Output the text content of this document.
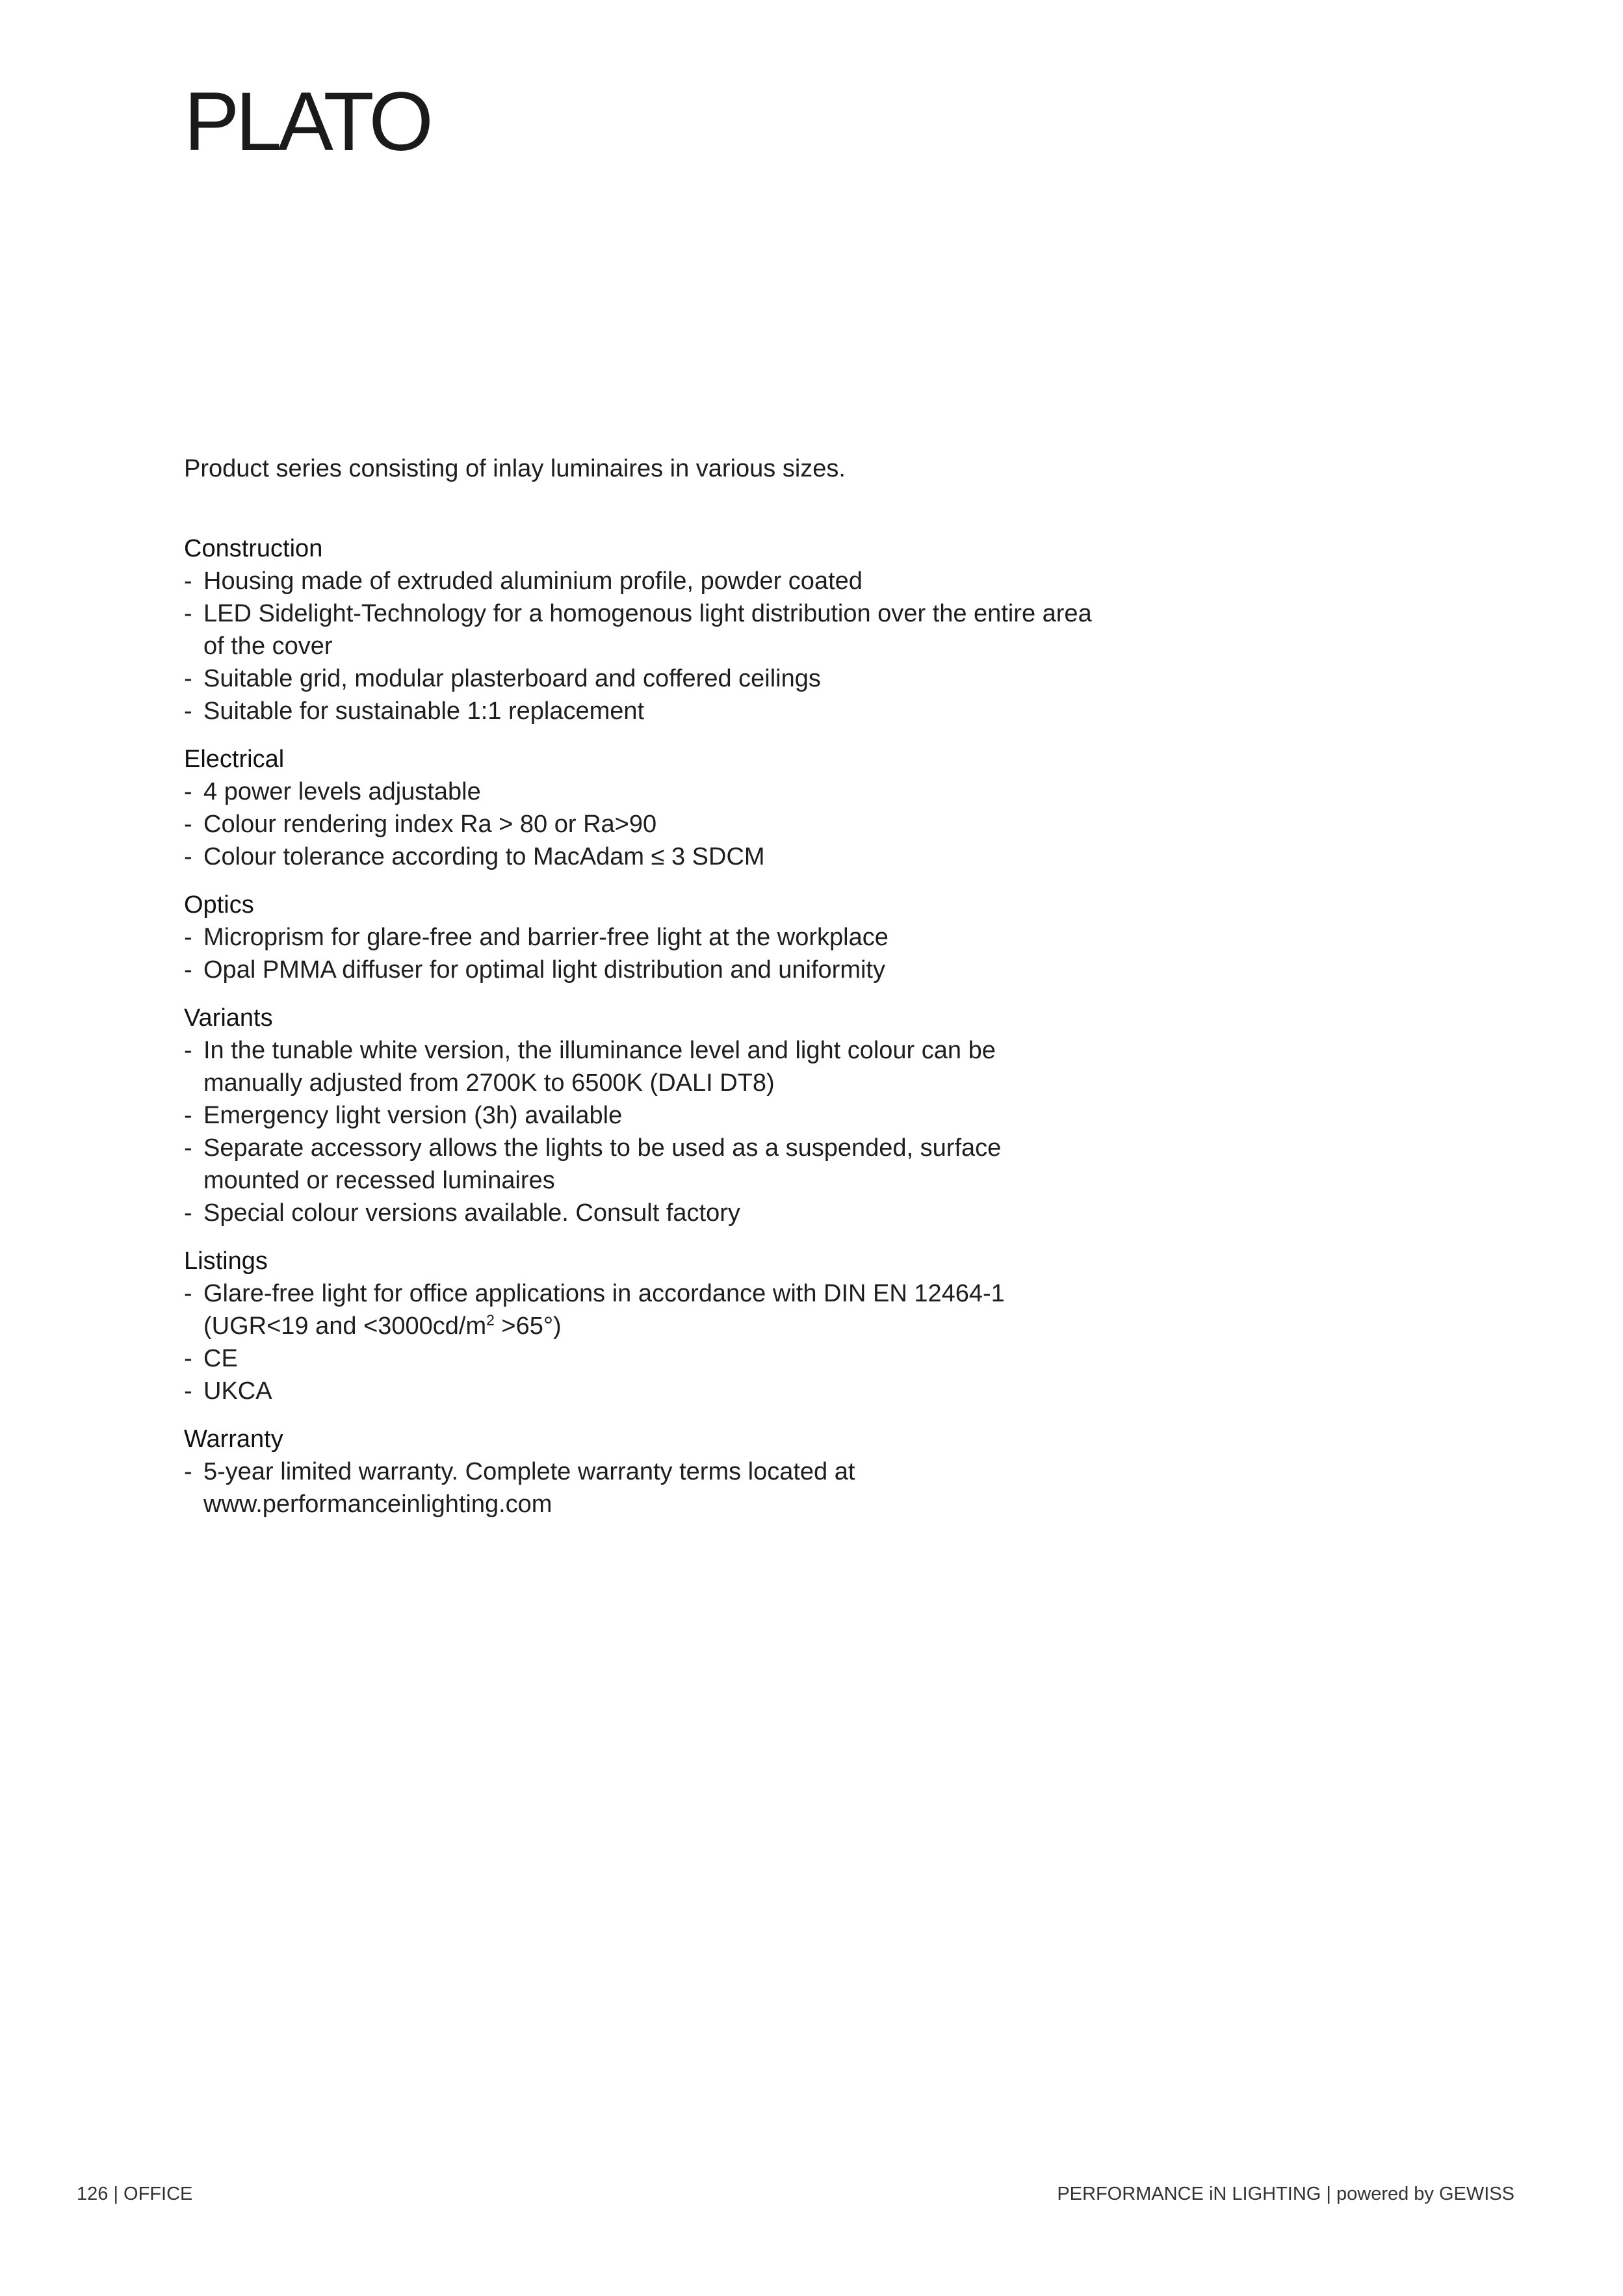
PLATO

Product series consisting of inlay luminaires in various sizes.

Construction
- Housing made of extruded aluminium profile, powder coated
- LED Sidelight-Technology for a homogenous light distribution over the entire area of the cover
- Suitable grid, modular plasterboard and coffered ceilings
- Suitable for sustainable 1:1 replacement
Electrical
- 4 power levels adjustable
- Colour rendering index Ra > 80 or Ra>90
- Colour tolerance according to MacAdam ≤ 3 SDCM
Optics
- Microprism for glare-free and barrier-free light at the workplace
- Opal PMMA diffuser for optimal light distribution and uniformity
Variants
- In the tunable white version, the illuminance level and light colour can be manually adjusted from 2700K to 6500K (DALI DT8)
- Emergency light version (3h) available
- Separate accessory allows the lights to be used as a suspended, surface mounted or recessed luminaires
- Special colour versions available. Consult factory
Listings
- Glare-free light for office applications in accordance with DIN EN 12464-1
(UGR<19 and $<3000cd/m^2 >65^\circ$)
- CE
- UKCA
Warranty
- 5-year limited warranty. Complete warranty terms located at www.performanceinlighting.com
126 | OFFICE	PERFORMANCE iN LIGHTING | powered by GEWISS
